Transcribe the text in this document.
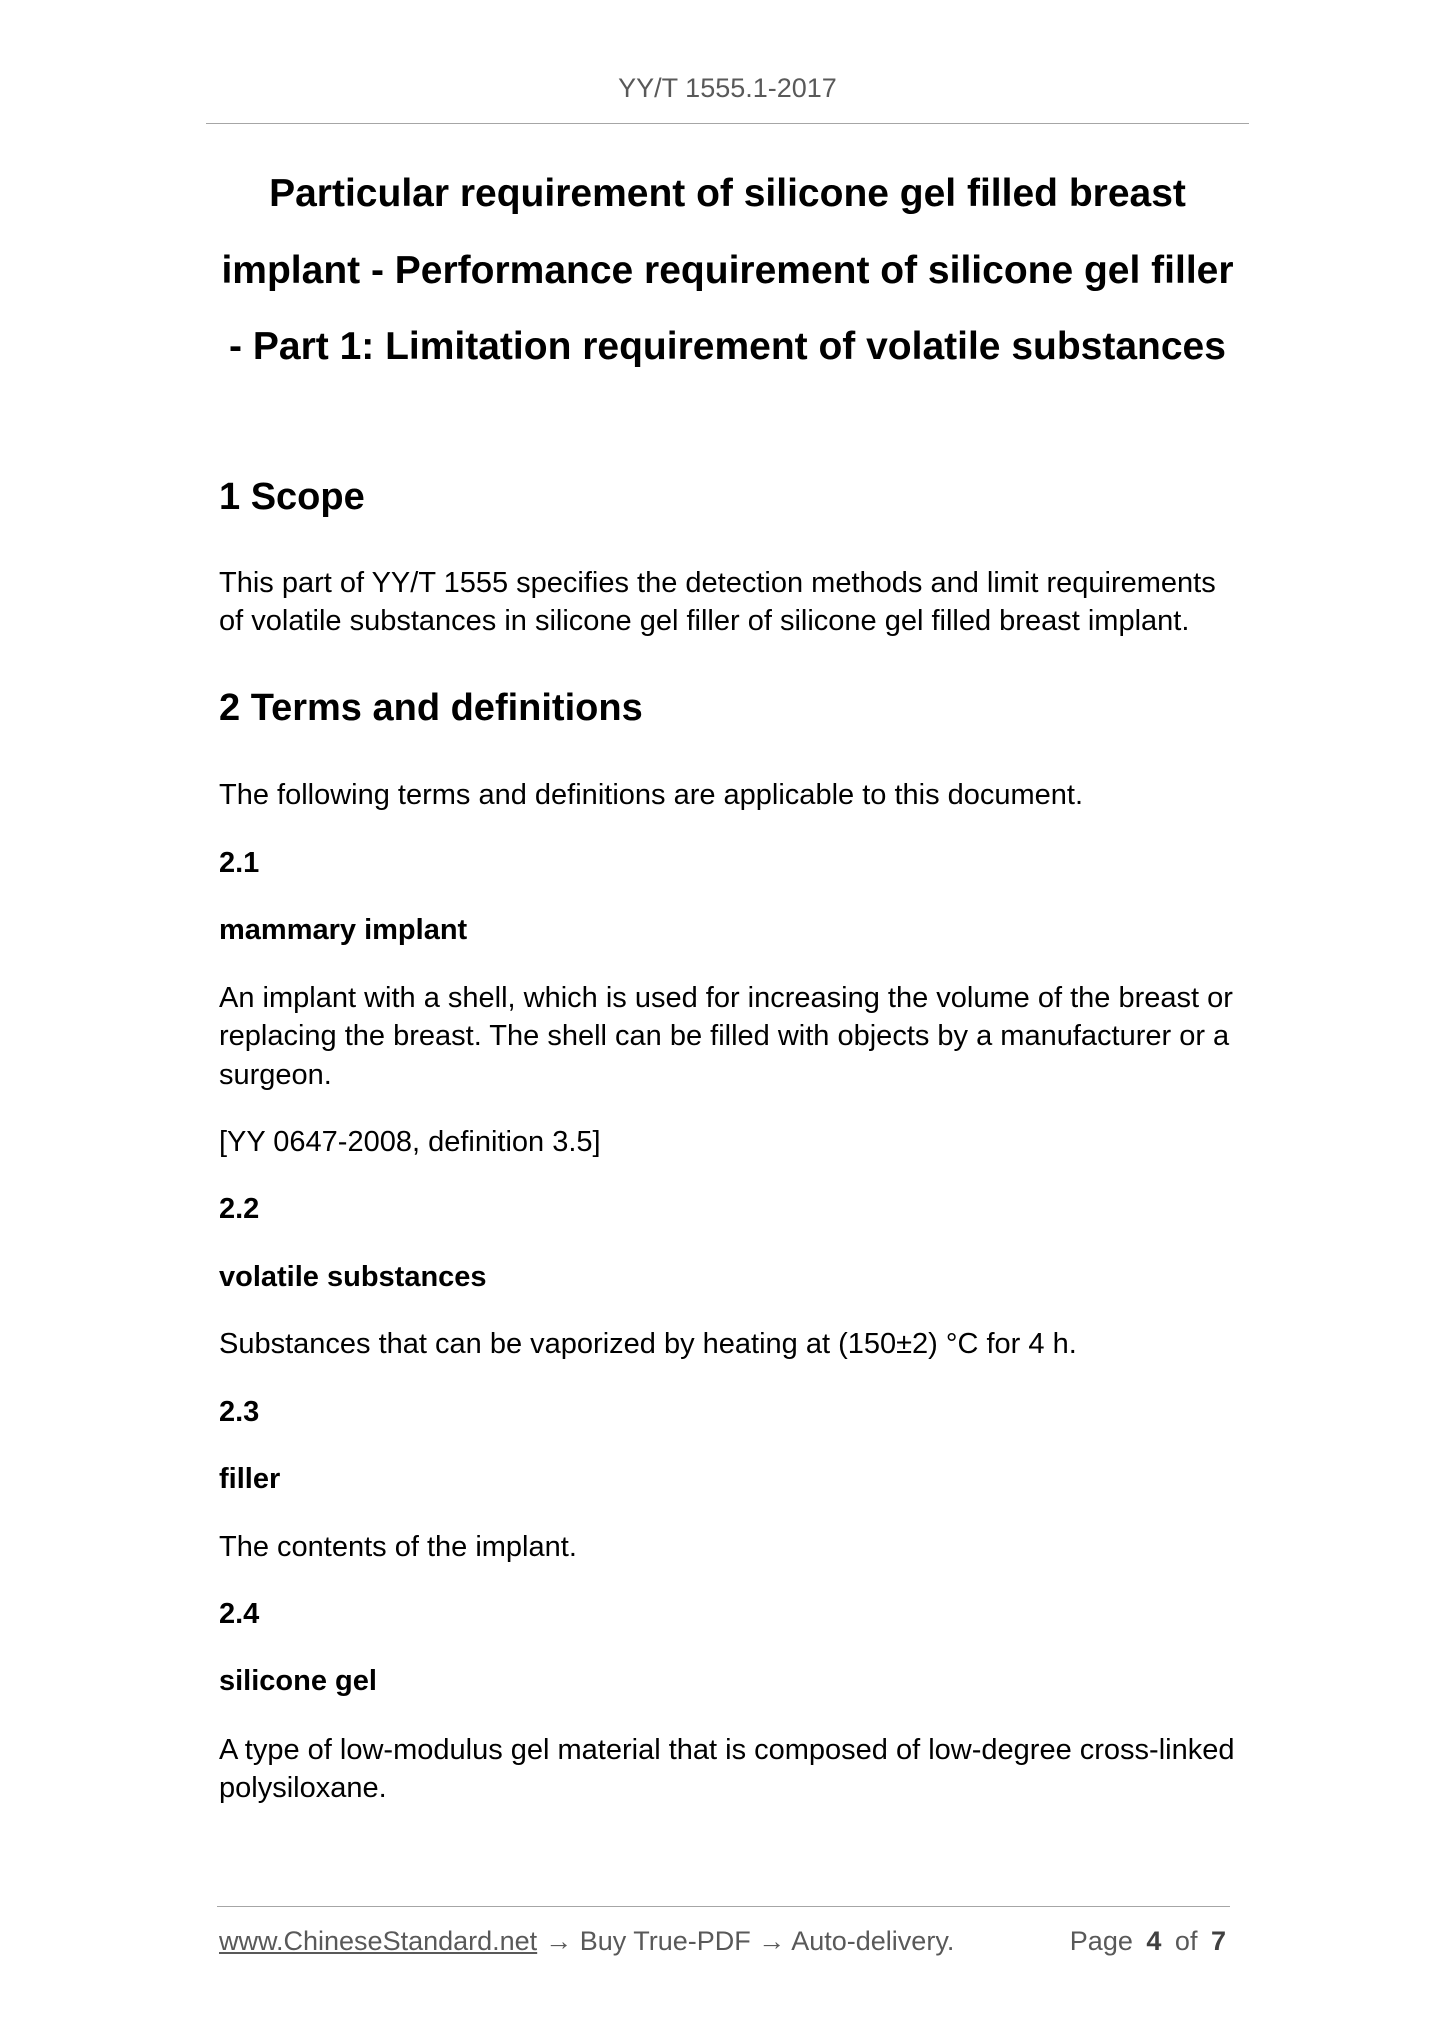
YY/T 1555.1-2017
Particular requirement of silicone gel filled breast
implant - Performance requirement of silicone gel filler
- Part 1: Limitation requirement of volatile substances
1 Scope
This part of YY/T 1555 specifies the detection methods and limit requirements
of volatile substances in silicone gel filler of silicone gel filled breast implant.
2 Terms and definitions
The following terms and definitions are applicable to this document.
2.1
mammary implant
An implant with a shell, which is used for increasing the volume of the breast or
replacing the breast. The shell can be filled with objects by a manufacturer or a
surgeon.
[YY 0647-2008, definition 3.5]
2.2
volatile substances
Substances that can be vaporized by heating at (150±2) °C for 4 h.
2.3
filler
The contents of the implant.
2.4
silicone gel
A type of low-modulus gel material that is composed of low-degree cross-linked
polysiloxane.
www.ChineseStandard.net → Buy True-PDF → Auto-delivery.	Page 4 of 7
